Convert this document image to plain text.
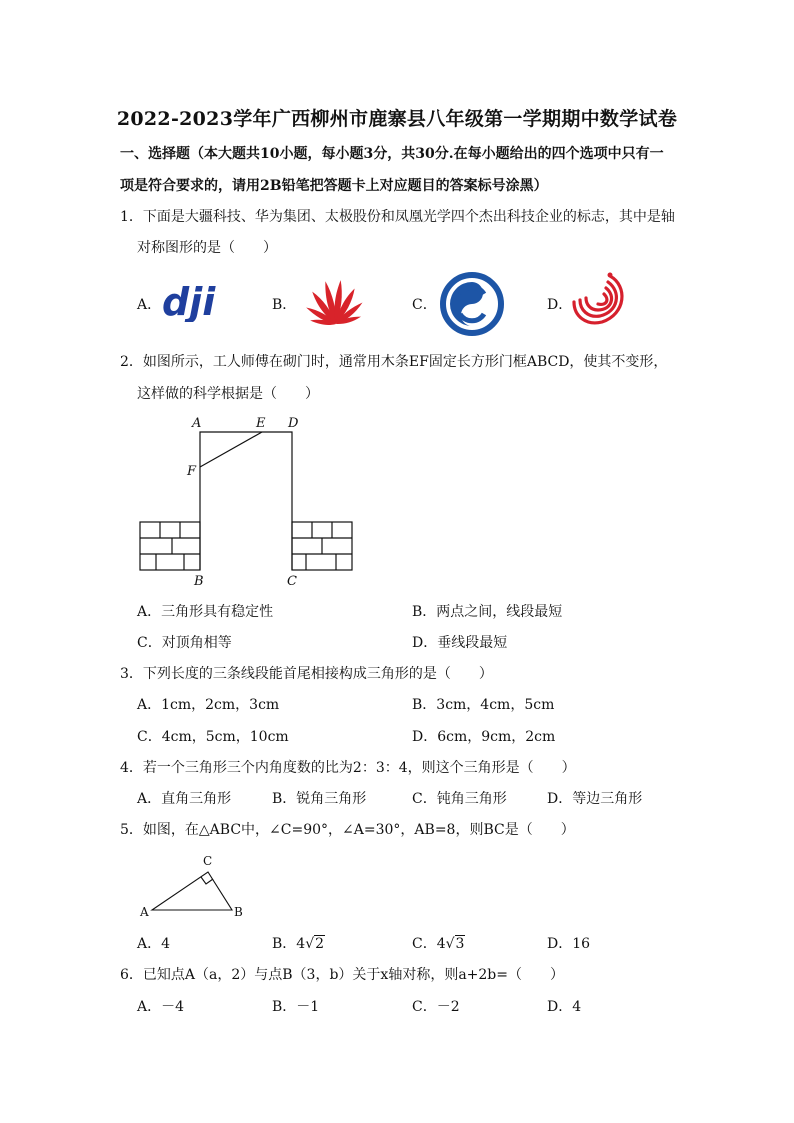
2022-2023学年广西柳州市鹿寨县八年级第一学期期中数学试卷
一、选择题（本大题共10小题，每小题3分，共30分.在每小题给出的四个选项中只有一
项是符合要求的，请用2B铅笔把答题卡上对应题目的答案标号涂黑）
1．下面是大疆科技、华为集团、太极股份和凤凰光学四个杰出科技企业的标志，其中是轴
对称图形的是（　　）
A． dji	B．	C．	D．
2．如图所示，工人师傅在砌门时，通常用木条EF固定长方形门框ABCD，使其不变形，
这样做的科学根据是（　　）
A	E D
F
B	C
A．三角形具有稳定性	B．两点之间，线段最短
C．对顶角相等	D．垂线段最短
3．下列长度的三条线段能首尾相接构成三角形的是（　　）
A．1cm，2cm，3cm	B．3cm，4cm，5cm
C．4cm，5cm，10cm	D．6cm，9cm，2cm
4．若一个三角形三个内角度数的比为2：3：4，则这个三角形是（　　）
A．直角三角形	B．锐角三角形	C．钝角三角形	D．等边三角形
5．如图，在△ABC中，∠C=90°，∠A=30°，AB=8，则BC是（　　）
C
A	B
A．4	B．4√2	C．4√3	D．16
6．已知点A（a，2）与点B（3，b）关于x轴对称，则a+2b=（　　）
A．－4	B．－1	C．－2	D．4
